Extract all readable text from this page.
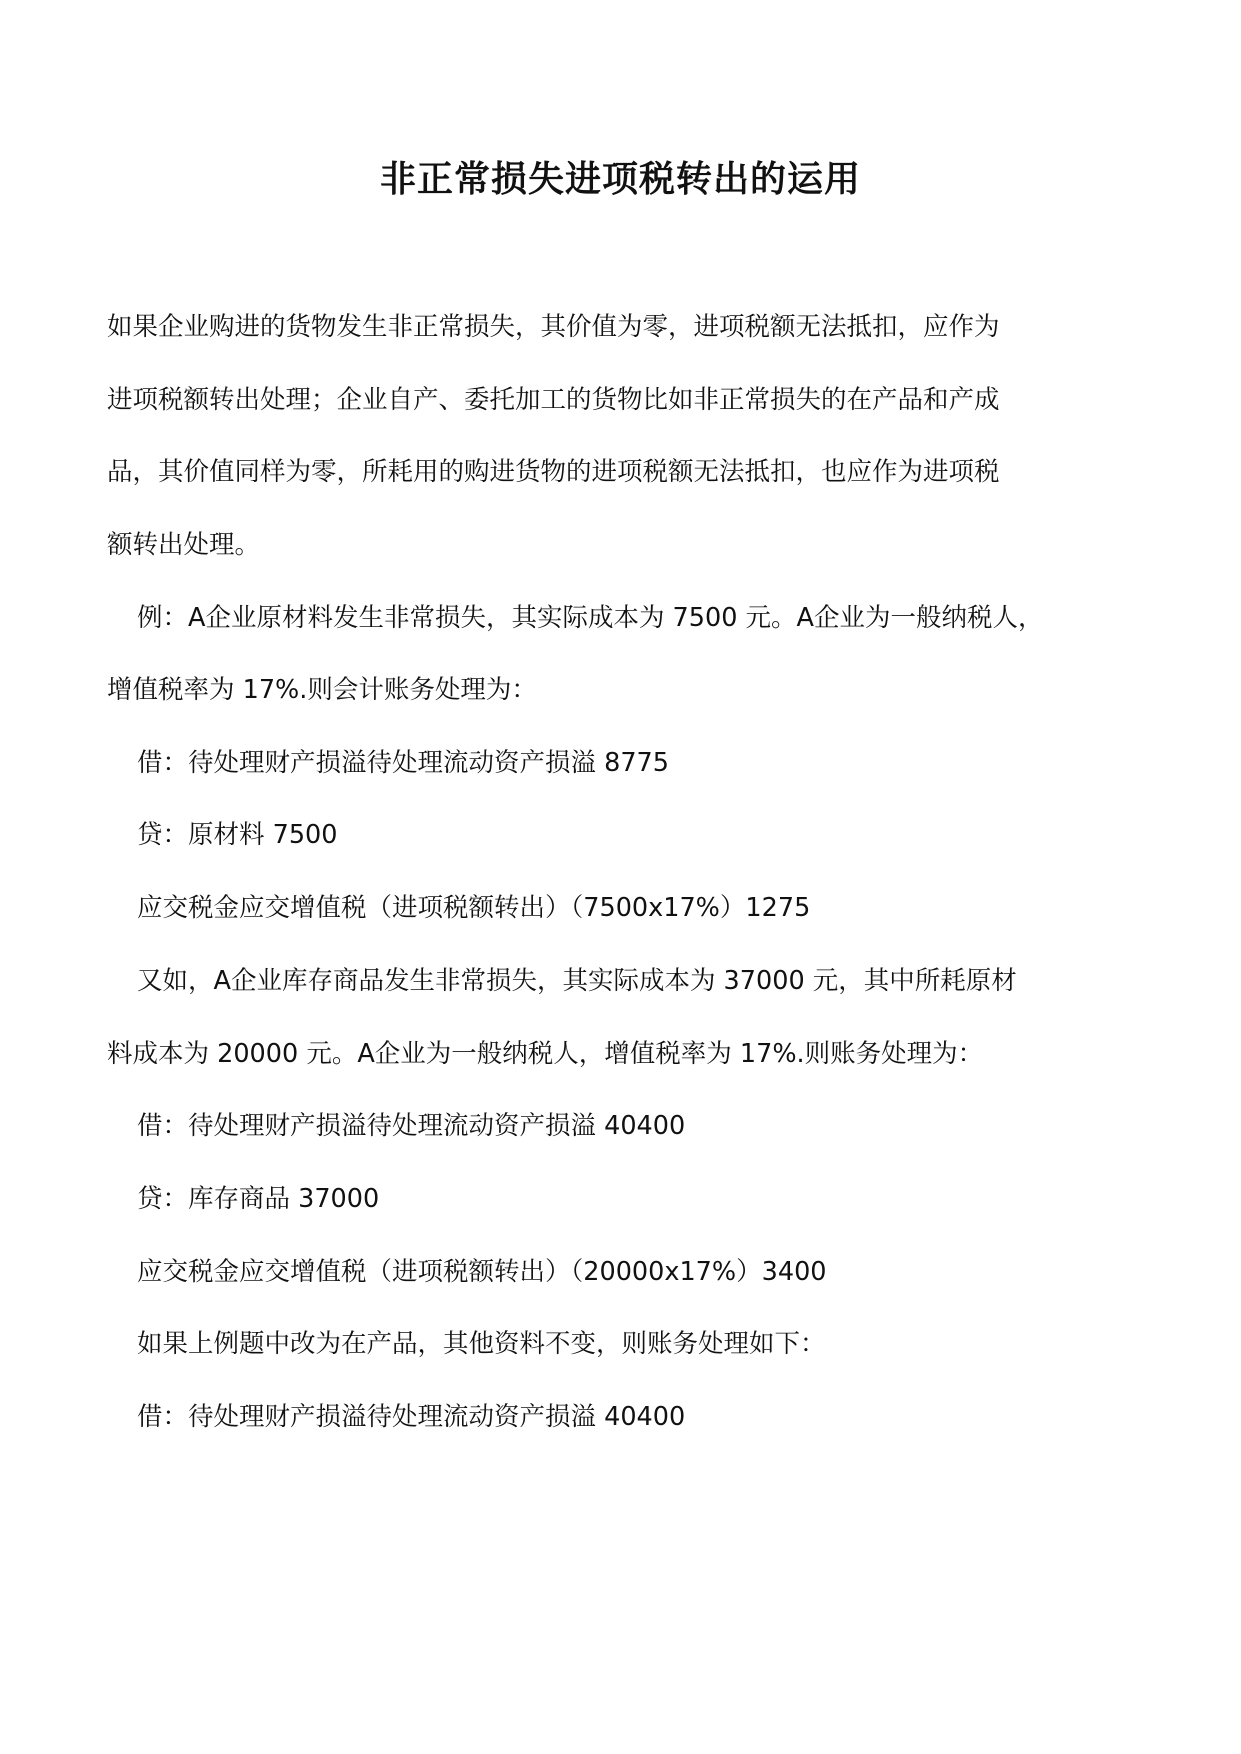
非正常损失进项税转出的运用

如果企业购进的货物发生非正常损失，其价值为零，进项税额无法抵扣，应作为

进项税额转出处理；企业自产、委托加工的货物比如非正常损失的在产品和产成

品，其价值同样为零，所耗用的购进货物的进项税额无法抵扣，也应作为进项税

额转出处理。

例：A企业原材料发生非常损失，其实际成本为 7500 元。A企业为一般纳税人，

增值税率为 17%.则会计账务处理为：

借：待处理财产损溢待处理流动资产损溢 8775

贷：原材料 7500

应交税金应交增值税（进项税额转出）（7500x17%）1275

又如，A企业库存商品发生非常损失，其实际成本为 37000 元，其中所耗原材

料成本为 20000 元。A企业为一般纳税人，增值税率为 17%.则账务处理为：

借：待处理财产损溢待处理流动资产损溢 40400

贷：库存商品 37000

应交税金应交增值税（进项税额转出）（20000x17%）3400

如果上例题中改为在产品，其他资料不变，则账务处理如下：

借：待处理财产损溢待处理流动资产损溢 40400
